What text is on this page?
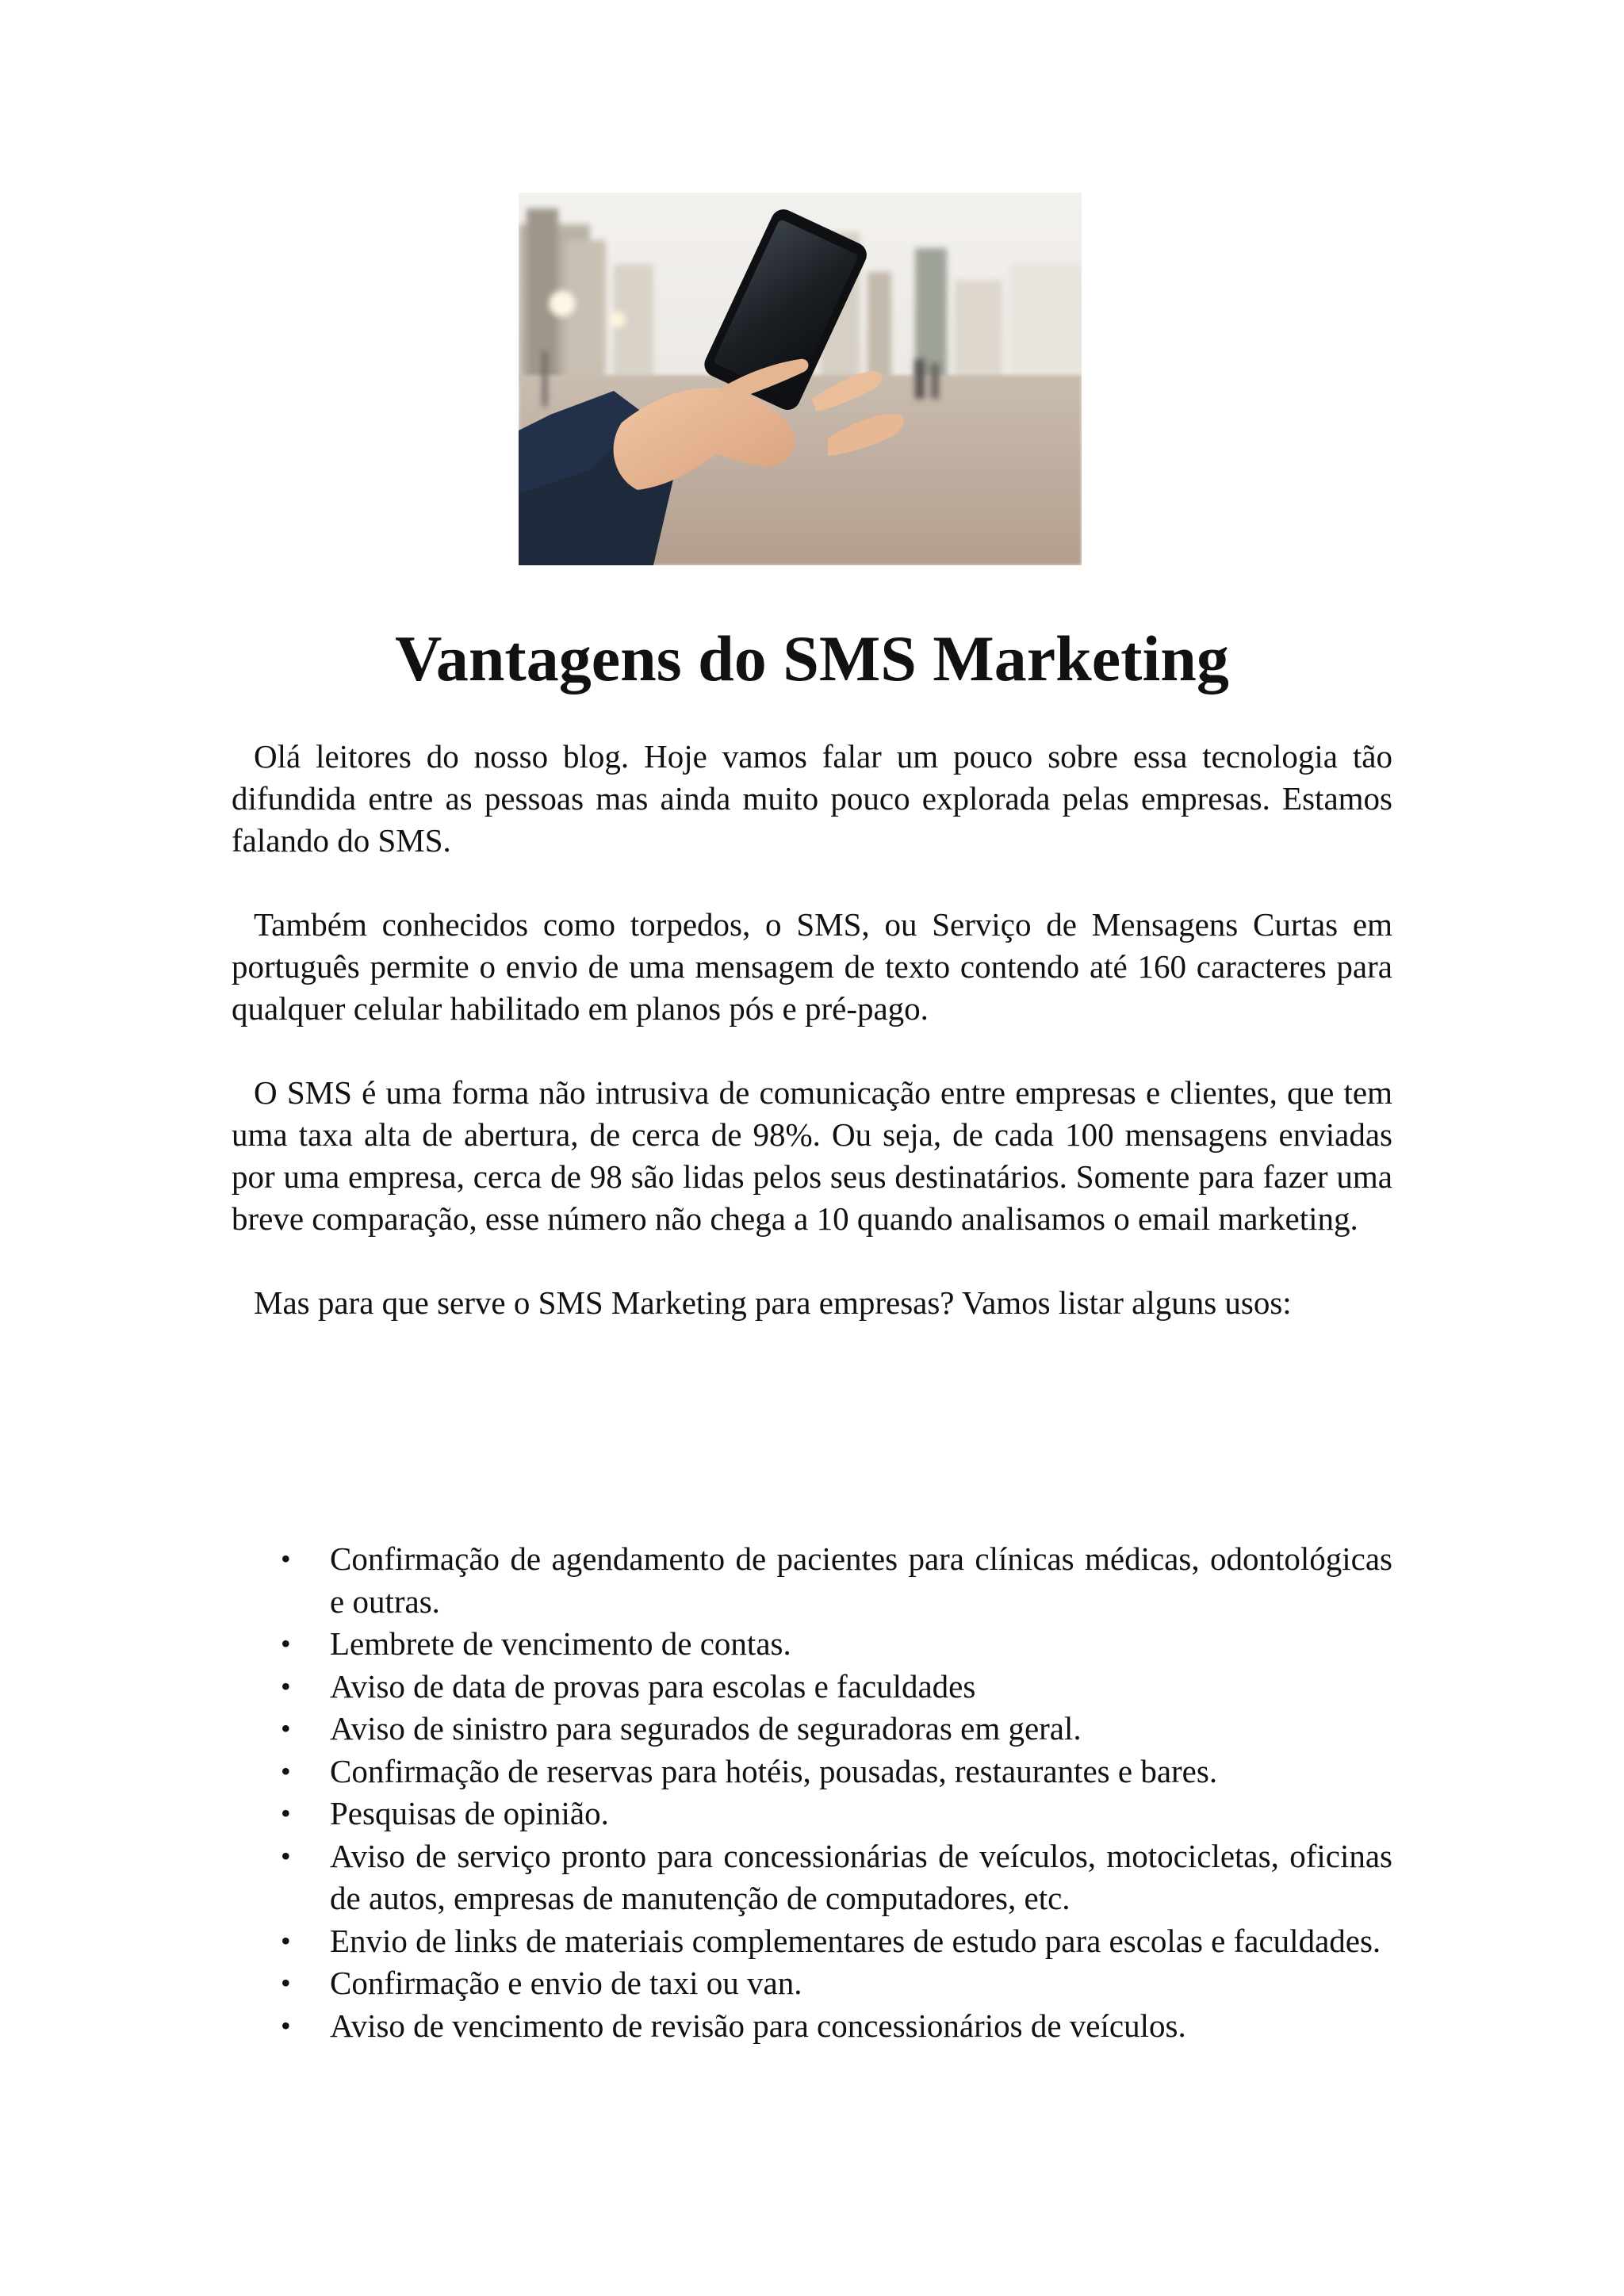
Vantagens do SMS Marketing

Olá leitores do nosso blog. Hoje vamos falar um pouco sobre essa tecnologia tão difundida entre as pessoas mas ainda muito pouco explorada pelas empresas. Estamos falando do SMS.

Também conhecidos como torpedos, o SMS, ou Serviço de Mensagens Curtas em português permite o envio de uma mensagem de texto contendo até 160 caracteres para qualquer celular habilitado em planos pós e pré-pago.

O SMS é uma forma não intrusiva de comunicação entre empresas e clientes, que tem uma taxa alta de abertura, de cerca de 98%. Ou seja, de cada 100 mensagens enviadas por uma empresa, cerca de 98 são lidas pelos seus destinatários. Somente para fazer uma breve comparação, esse número não chega a 10 quando analisamos o email marketing.

Mas para que serve o SMS Marketing para empresas? Vamos listar alguns usos:

• Confirmação de agendamento de pacientes para clínicas médicas, odontológicas e outras.
• Lembrete de vencimento de contas.
• Aviso de data de provas para escolas e faculdades
• Aviso de sinistro para segurados de seguradoras em geral.
• Confirmação de reservas para hotéis, pousadas, restaurantes e bares.
• Pesquisas de opinião.
• Aviso de serviço pronto para concessionárias de veículos, motocicletas, oficinas de autos, empresas de manutenção de computadores, etc.
• Envio de links de materiais complementares de estudo para escolas e faculdades.
• Confirmação e envio de taxi ou van.
• Aviso de vencimento de revisão para concessionários de veículos.
